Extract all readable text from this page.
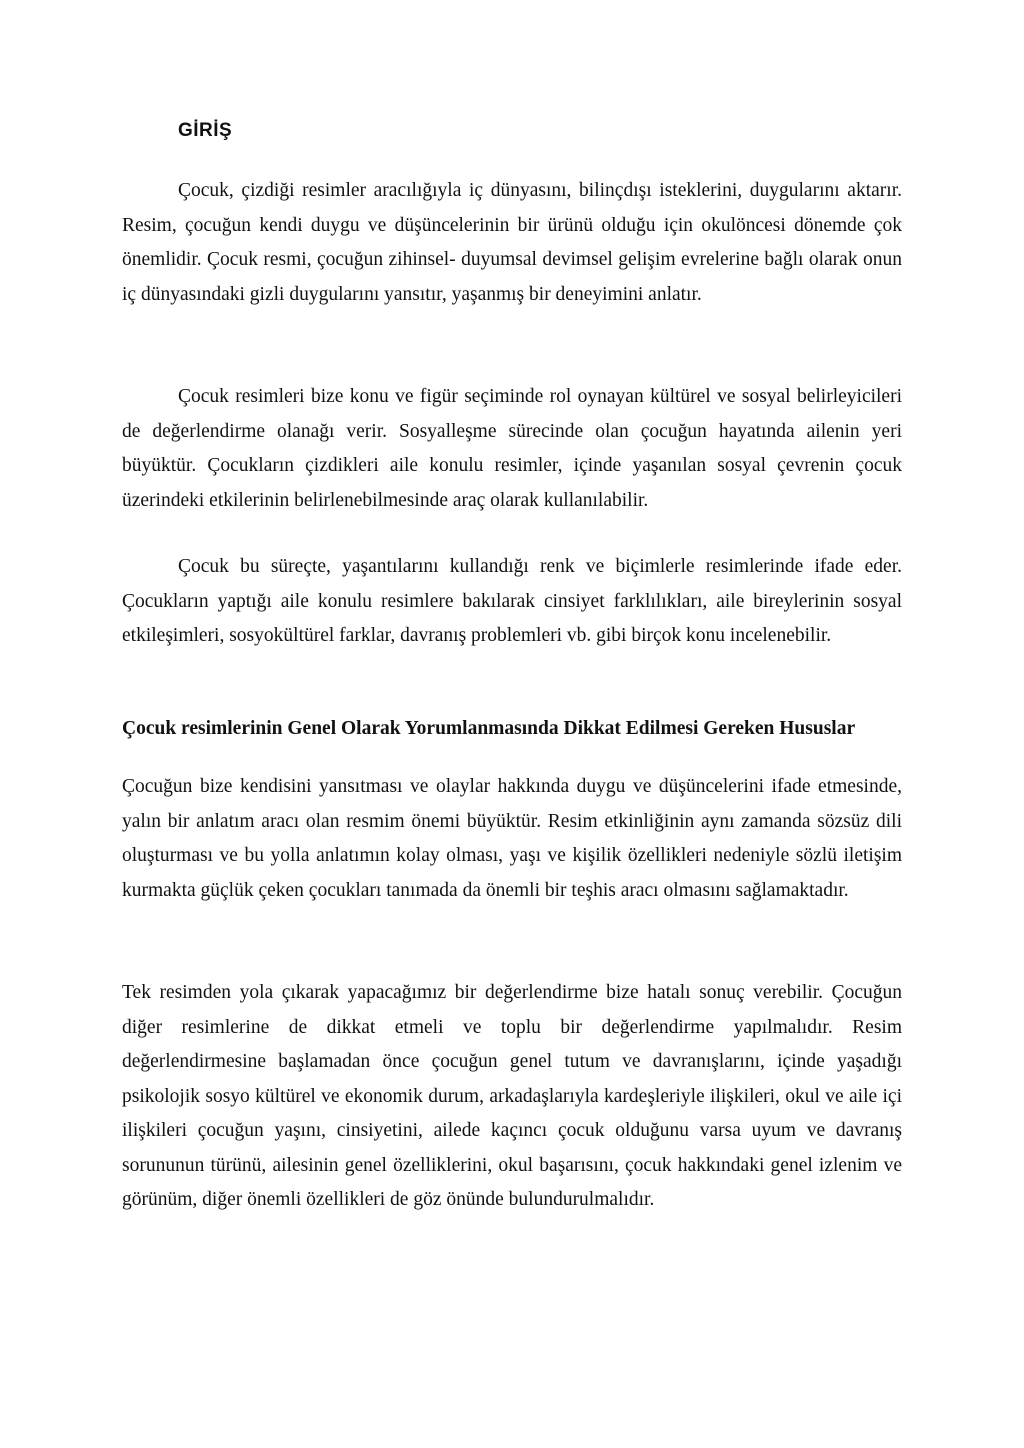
GİRİŞ

Çocuk, çizdiği resimler aracılığıyla iç dünyasını, bilinçdışı isteklerini, duygularını aktarır. Resim, çocuğun kendi duygu ve düşüncelerinin bir ürünü olduğu için okulöncesi dönemde çok önemlidir. Çocuk resmi, çocuğun zihinsel- duyumsal devimsel gelişim evrelerine bağlı olarak onun iç dünyasındaki gizli duygularını yansıtır, yaşanmış bir deneyimini anlatır.

Çocuk resimleri bize konu ve figür seçiminde rol oynayan kültürel ve sosyal belirleyicileri de değerlendirme olanağı verir. Sosyalleşme sürecinde olan çocuğun hayatında ailenin yeri büyüktür. Çocukların çizdikleri aile konulu resimler, içinde yaşanılan sosyal çevrenin çocuk üzerindeki etkilerinin belirlenebilmesinde araç olarak kullanılabilir.

Çocuk bu süreçte, yaşantılarını kullandığı renk ve biçimlerle resimlerinde ifade eder. Çocukların yaptığı aile konulu resimlere bakılarak cinsiyet farklılıkları, aile bireylerinin sosyal etkileşimleri, sosyokültürel farklar, davranış problemleri vb. gibi birçok konu incelenebilir.

Çocuk resimlerinin Genel Olarak Yorumlanmasında Dikkat Edilmesi Gereken Hususlar

Çocuğun bize kendisini yansıtması ve olaylar hakkında duygu ve düşüncelerini ifade etmesinde, yalın bir anlatım aracı olan resmim önemi büyüktür. Resim etkinliğinin aynı zamanda sözsüz dili oluşturması ve bu yolla anlatımın kolay olması, yaşı ve kişilik özellikleri nedeniyle sözlü iletişim kurmakta güçlük çeken çocukları tanımada da önemli bir teşhis aracı olmasını sağlamaktadır.

Tek resimden yola çıkarak yapacağımız bir değerlendirme bize hatalı sonuç verebilir. Çocuğun diğer resimlerine de dikkat etmeli ve toplu bir değerlendirme yapılmalıdır. Resim değerlendirmesine başlamadan önce çocuğun genel tutum ve davranışlarını, içinde yaşadığı psikolojik sosyo kültürel ve ekonomik durum, arkadaşlarıyla kardeşleriyle ilişkileri, okul ve aile içi ilişkileri çocuğun yaşını, cinsiyetini, ailede kaçıncı çocuk olduğunu varsa uyum ve davranış sorununun türünü, ailesinin genel özelliklerini, okul başarısını, çocuk hakkındaki genel izlenim ve görünüm, diğer önemli özellikleri de göz önünde bulundurulmalıdır.
